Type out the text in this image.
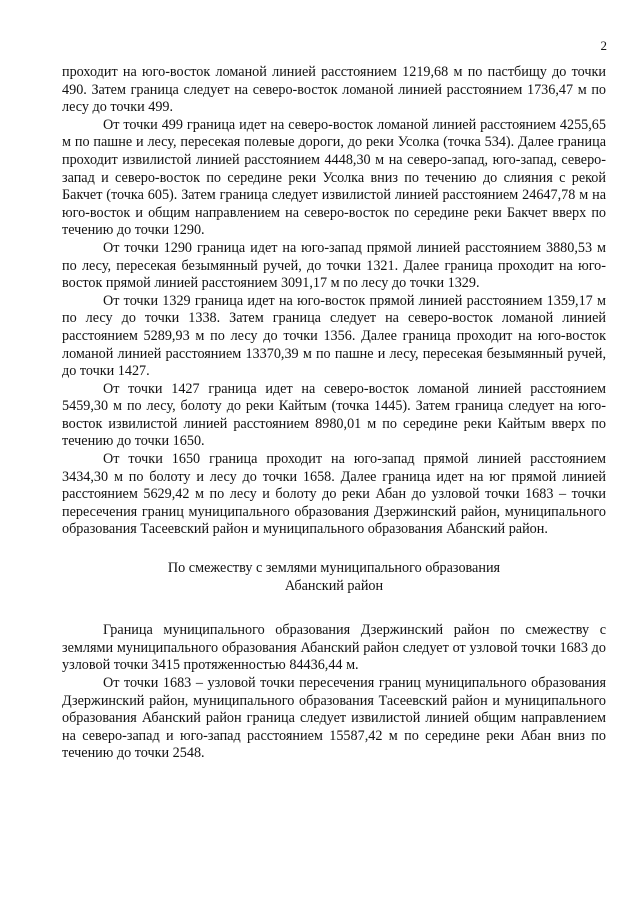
2

проходит на юго-восток ломаной линией расстоянием 1219,68 м по пастбищу до точки 490. Затем граница следует на северо-восток ломаной линией расстоянием 1736,47 м по лесу до точки 499.

От точки 499 граница идет на северо-восток ломаной линией расстоянием 4255,65 м по пашне и лесу, пересекая полевые дороги, до реки Усолка (точка 534). Далее граница проходит извилистой линией расстоянием 4448,30 м на северо-запад, юго-запад, северо-запад и северо-восток по середине реки Усолка вниз по течению до слияния с рекой Бакчет (точка 605). Затем граница следует извилистой линией расстоянием 24647,78 м на юго-восток и общим направлением на северо-восток по середине реки Бакчет вверх по течению до точки 1290.

От точки 1290 граница идет на юго-запад прямой линией расстоянием 3880,53 м по лесу, пересекая безымянный ручей, до точки 1321. Далее граница проходит на юго-восток прямой линией расстоянием 3091,17 м по лесу до точки 1329.

От точки 1329 граница идет на юго-восток прямой линией расстоянием 1359,17 м по лесу до точки 1338. Затем граница следует на северо-восток ломаной линией расстоянием 5289,93 м по лесу до точки 1356. Далее граница проходит на юго-восток ломаной линией расстоянием 13370,39 м по пашне и лесу, пересекая безымянный ручей, до точки 1427.

От точки 1427 граница идет на северо-восток ломаной линией расстоянием 5459,30 м по лесу, болоту до реки Кайтым (точка 1445). Затем граница следует на юго-восток извилистой линией расстоянием 8980,01 м по середине реки Кайтым вверх по течению до точки 1650.

От точки 1650 граница проходит на юго-запад прямой линией расстоянием 3434,30 м по болоту и лесу до точки 1658. Далее граница идет на юг прямой линией расстоянием 5629,42 м по лесу и болоту до реки Абан до узловой точки 1683 – точки пересечения границ муниципального образования Дзержинский район, муниципального образования Тасеевский район и муниципального образования Абанский район.

По смежеству с землями муниципального образования
Абанский район

Граница муниципального образования Дзержинский район по смежеству с землями муниципального образования Абанский район следует от узловой точки 1683 до узловой точки 3415 протяженностью 84436,44 м.

От точки 1683 – узловой точки пересечения границ муниципального образования Дзержинский район, муниципального образования Тасеевский район и муниципального образования Абанский район граница следует извилистой линией общим направлением на северо-запад и юго-запад расстоянием 15587,42 м по середине реки Абан вниз по течению до точки 2548.
